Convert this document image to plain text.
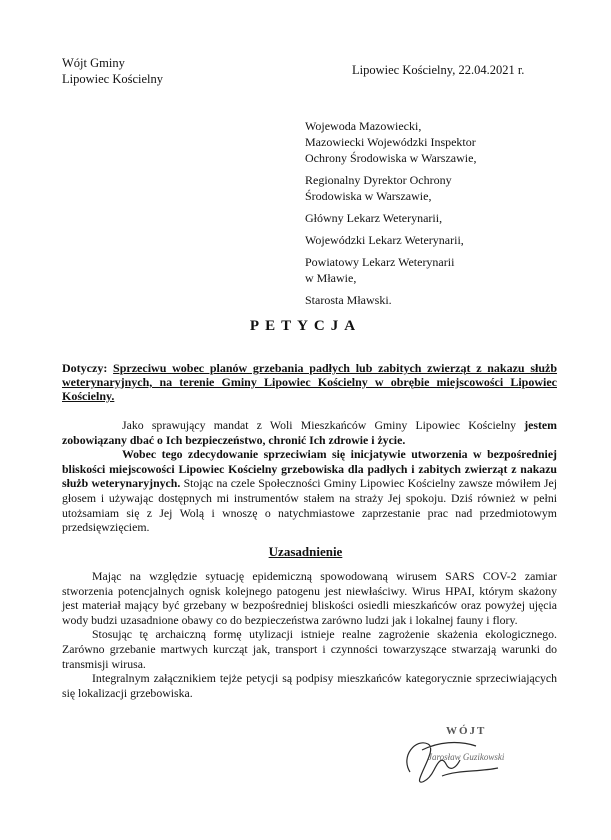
Wójt Gminy
Lipowiec Kościelny
Lipowiec Kościelny, 22.04.2021 r.
Wojewoda Mazowiecki,
Mazowiecki Wojewódzki Inspektor
Ochrony Środowiska w Warszawie,
Regionalny Dyrektor Ochrony
Środowiska w Warszawie,
Główny Lekarz Weterynarii,
Wojewódzki Lekarz Weterynarii,
Powiatowy Lekarz Weterynarii
w Mławie,
Starosta Mławski.
PETYCJA
Dotyczy: Sprzeciwu wobec planów grzebania padłych lub zabitych zwierząt z nakazu służb weterynaryjnych, na terenie Gminy Lipowiec Kościelny w obrębie miejscowości Lipowiec Kościelny.

Jako sprawujący mandat z Woli Mieszkańców Gminy Lipowiec Kościelny jestem zobowiązany dbać o Ich bezpieczeństwo, chronić Ich zdrowie i życie.

Wobec tego zdecydowanie sprzeciwiam się inicjatywie utworzenia w bezpośredniej bliskości miejscowości Lipowiec Kościelny grzebowiska dla padłych i zabitych zwierząt z nakazu służb weterynaryjnych. Stojąc na czele Społeczności Gminy Lipowiec Kościelny zawsze mówiłem Jej głosem i używając dostępnych mi instrumentów stałem na straży Jej spokoju. Dziś również w pełni utożsamiam się z Jej Wolą i wnoszę o natychmiastowe zaprzestanie prac nad przedmiotowym przedsięwzięciem.

Uzasadnienie

Mając na względzie sytuację epidemiczną spowodowaną wirusem SARS COV-2 zamiar stworzenia potencjalnych ognisk kolejnego patogenu jest niewłaściwy. Wirus HPAI, którym skażony jest materiał mający być grzebany w bezpośredniej bliskości osiedli mieszkańców oraz powyżej ujęcia wody budzi uzasadnione obawy co do bezpieczeństwa zarówno ludzi jak i lokalnej fauny i flory.

Stosując tę archaiczną formę utylizacji istnieje realne zagrożenie skażenia ekologicznego. Zarówno grzebanie martwych kurcząt jak, transport i czynności towarzyszące stwarzają warunki do transmisji wirusa.

Integralnym załącznikiem tejże petycji są podpisy mieszkańców kategorycznie sprzeciwiających się lokalizacji grzebowiska.

WÓJT
Jarosław Guzikowski
